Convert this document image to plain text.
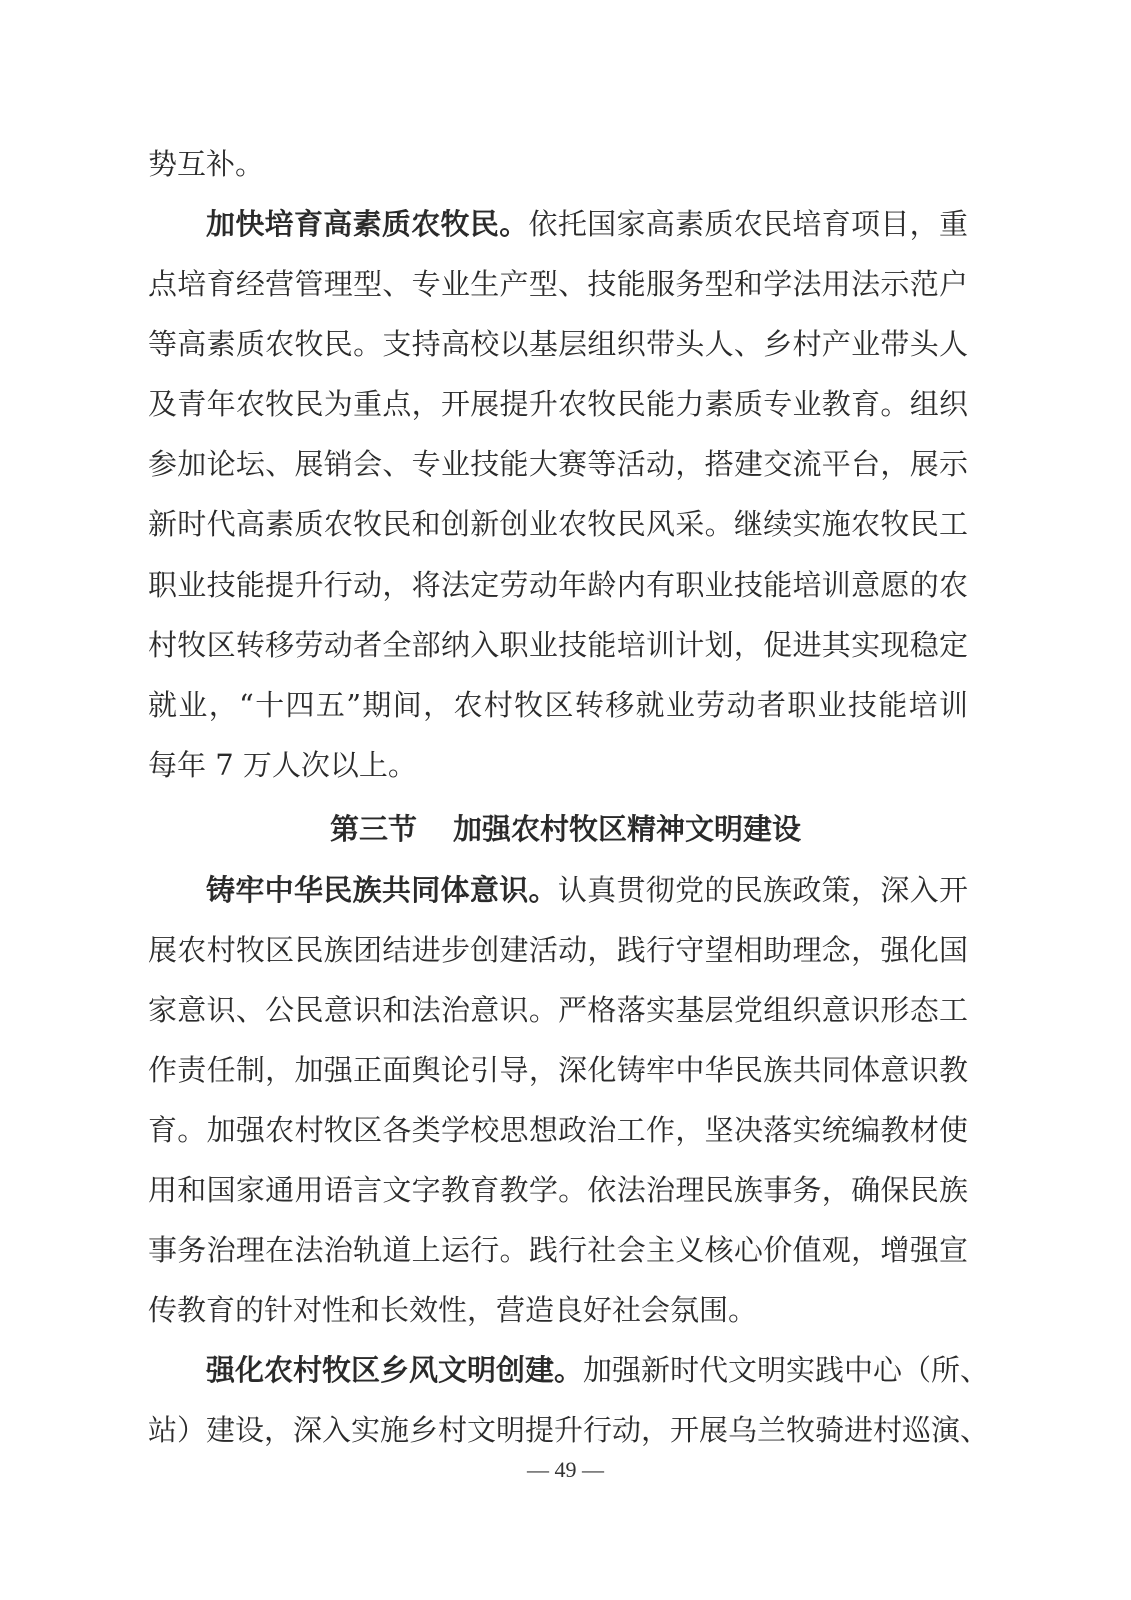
势互补。
加快培育高素质农牧民。依托国家高素质农民培育项目，重
点培育经营管理型、专业生产型、技能服务型和学法用法示范户
等高素质农牧民。支持高校以基层组织带头人、乡村产业带头人
及青年农牧民为重点，开展提升农牧民能力素质专业教育。组织
参加论坛、展销会、专业技能大赛等活动，搭建交流平台，展示
新时代高素质农牧民和创新创业农牧民风采。继续实施农牧民工
职业技能提升行动，将法定劳动年龄内有职业技能培训意愿的农
村牧区转移劳动者全部纳入职业技能培训计划，促进其实现稳定
就业，“十四五”期间，农村牧区转移就业劳动者职业技能培训
每年 7 万人次以上。
第三节 加强农村牧区精神文明建设
铸牢中华民族共同体意识。认真贯彻党的民族政策，深入开
展农村牧区民族团结进步创建活动，践行守望相助理念，强化国
家意识、公民意识和法治意识。严格落实基层党组织意识形态工
作责任制，加强正面舆论引导，深化铸牢中华民族共同体意识教
育。加强农村牧区各类学校思想政治工作，坚决落实统编教材使
用和国家通用语言文字教育教学。依法治理民族事务，确保民族
事务治理在法治轨道上运行。践行社会主义核心价值观，增强宣
传教育的针对性和长效性，营造良好社会氛围。
强化农村牧区乡风文明创建。加强新时代文明实践中心（所、
站）建设，深入实施乡村文明提升行动，开展乌兰牧骑进村巡演、
— 49 —
